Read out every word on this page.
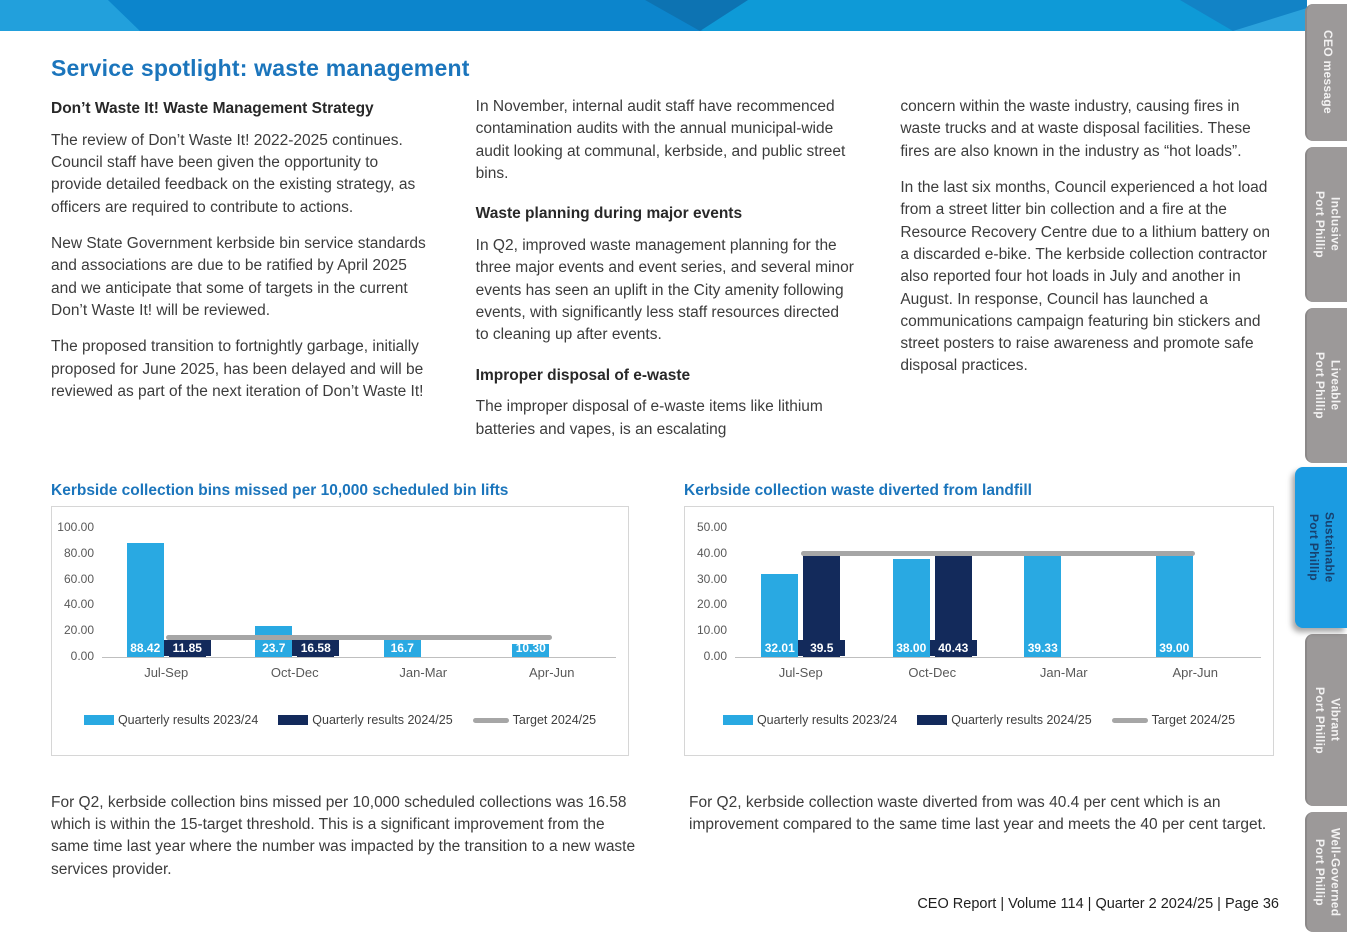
Service spotlight: waste management
Don’t Waste It! Waste Management Strategy
The review of Don’t Waste It! 2022-2025 continues. Council staff have been given the opportunity to provide detailed feedback on the existing strategy, as officers are required to contribute to actions.
New State Government kerbside bin service standards and associations are due to be ratified by April 2025 and we anticipate that some of targets in the current Don’t Waste It! will be reviewed.
The proposed transition to fortnightly garbage, initially proposed for June 2025, has been delayed and will be reviewed as part of the next iteration of Don’t Waste It!
In November, internal audit staff have recommenced contamination audits with the annual municipal-wide audit looking at communal, kerbside, and public street bins.
Waste planning during major events
In Q2, improved waste management planning for the three major events and event series, and several minor events has seen an uplift in the City amenity following events, with significantly less staff resources directed to cleaning up after events.
Improper disposal of e-waste
The improper disposal of e-waste items like lithium batteries and vapes, is an escalating
concern within the waste industry, causing fires in waste trucks and at waste disposal facilities. These fires are also known in the industry as “hot loads”.
In the last six months, Council experienced a hot load from a street litter bin collection and a fire at the Resource Recovery Centre due to a lithium battery on a discarded e-bike. The kerbside collection contractor also reported four hot loads in July and another in August. In response, Council has launched a communications campaign featuring bin stickers and street posters to raise awareness and promote safe disposal practices.
Kerbside collection bins missed per 10,000 scheduled bin lifts
0.00
20.00
40.00
60.00
80.00
100.00
Jul-Sep
88.42	11.85
Oct-Dec
23.7	16.58
Jan-Mar
16.7
Apr-Jun
10.30
Quarterly results 2023/24	Quarterly results 2024/25	Target 2024/25
Kerbside collection waste diverted from landfill
0.00
10.00
20.00
30.00
40.00
50.00
Jul-Sep
32.01	39.5
Oct-Dec
38.00 40.43
Jan-Mar
39.33
Apr-Jun
39.00
Quarterly results 2023/24	Quarterly results 2024/25	Target 2024/25

For Q2, kerbside collection bins missed per 10,000 scheduled collections was 16.58 which is within the 15-target threshold. This is a significant improvement from the same time last year where the number was impacted by the transition to a new waste services provider.

For Q2, kerbside collection waste diverted from was 40.4 per cent which is an improvement compared to the same time last year and meets the 40 per cent target.

CEO Report | Volume 114 | Quarter 2 2024/25 | Page 36
CEO message
Inclusive
Port Phillip
Liveable
Port Phillip
Sustainable
Port Phillip
Vibrant
Port Phillip
Well-Governed
Port Phillip
